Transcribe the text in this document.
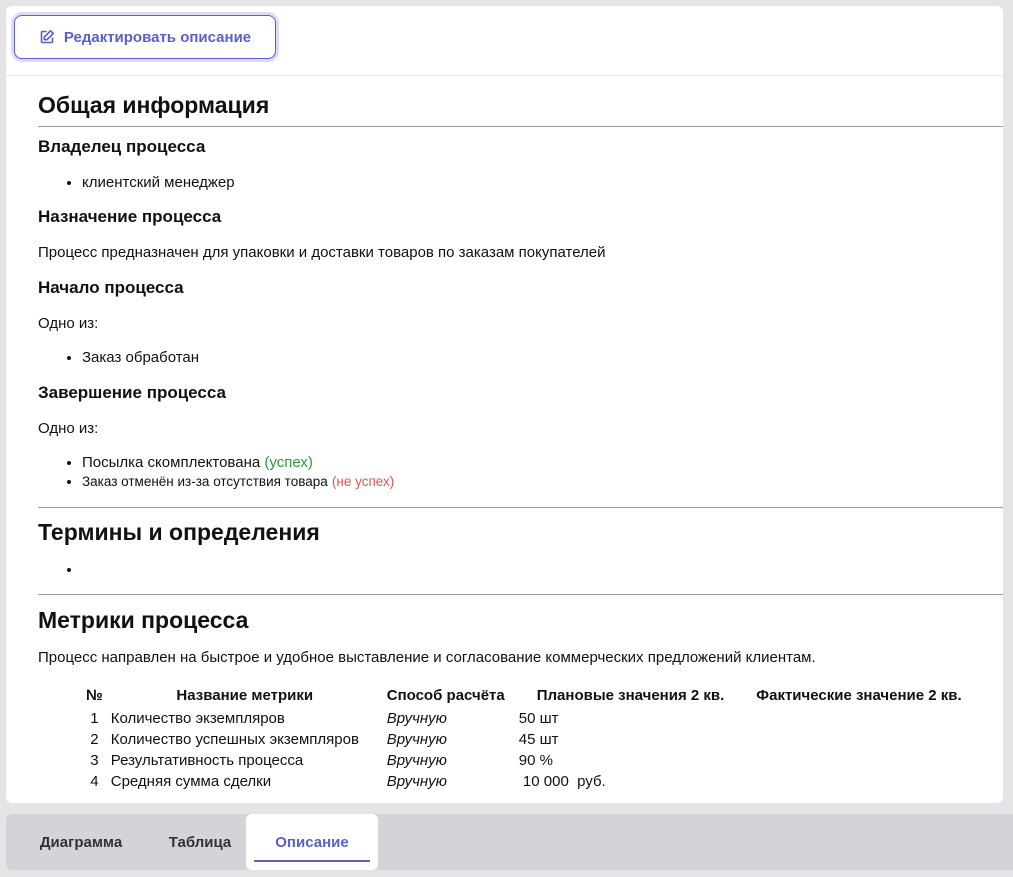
Редактировать описание
Общая информация
Владелец процесса
• клиентский менеджер
Назначение процесса
Процесс предназначен для упаковки и доставки товаров по заказам покупателей
Начало процесса
Одно из:
• Заказ обработан
Завершение процесса
Одно из:
• Посылка скомплектована (успех)
• Заказ отменён из-за отсутствия товара (не успех)
Термины и определения
•
Метрики процесса
Процесс направлен на быстрое и удобное выставление и согласование коммерческих предложений клиентам.
№	Название метрики	Способ расчёта	Плановые значения 2 кв.	Фактические значение 2 кв.
1	Количество экземпляров	Вручную	50 шт	
2	Количество успешных экземпляров	Вручную	45 шт	
3	Результативность процесса	Вручную	90 %	
4	Средняя сумма сделки	Вручную	10 000  руб.	
Диаграмма	Таблица	Описание
